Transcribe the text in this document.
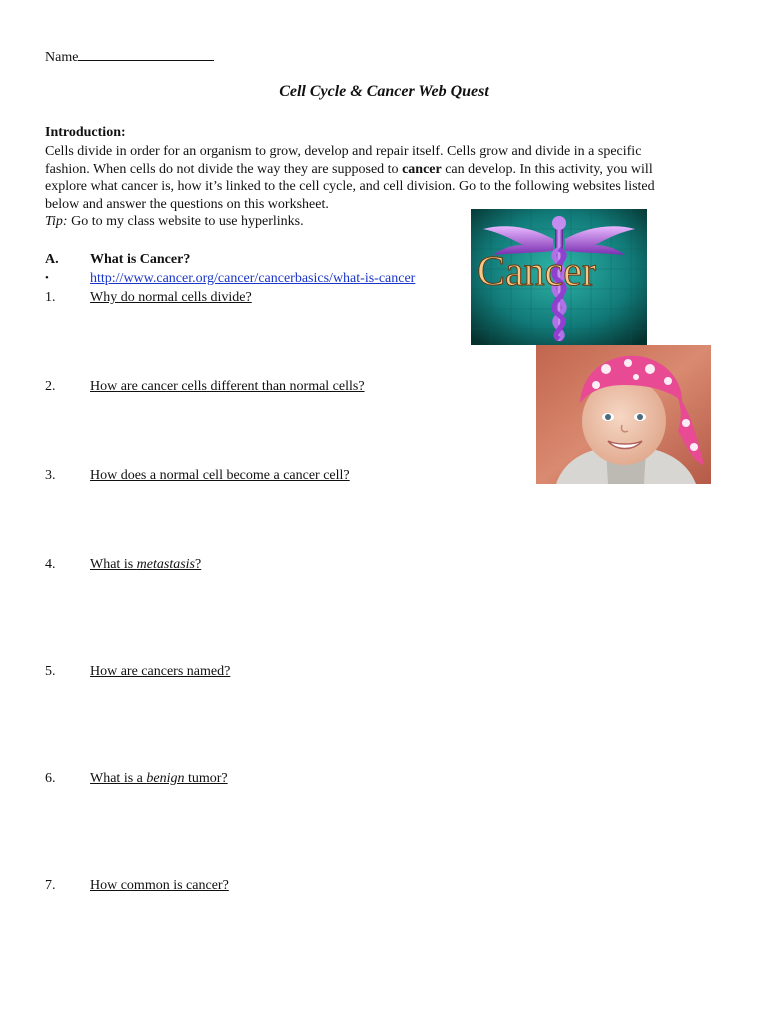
Name
Cell Cycle & Cancer Web Quest
Introduction:
Cells divide in order for an organism to grow, develop and repair itself. Cells grow and divide in a specific
fashion. When cells do not divide the way they are supposed to cancer can develop. In this activity, you will
explore what cancer is, how it’s linked to the cell cycle, and cell division. Go to the following websites listed
below and answer the questions on this worksheet.
Tip: Go to my class website to use hyperlinks.
A. What is Cancer?
•	http://www.cancer.org/cancer/cancerbasics/what-is-cancer
1. Why do normal cells divide?
2. How are cancer cells different than normal cells?
3. How does a normal cell become a cancer cell?
4. What is metastasis?
5. How are cancers named?
6. What is a benign tumor?
7. How common is cancer?
Cancer
